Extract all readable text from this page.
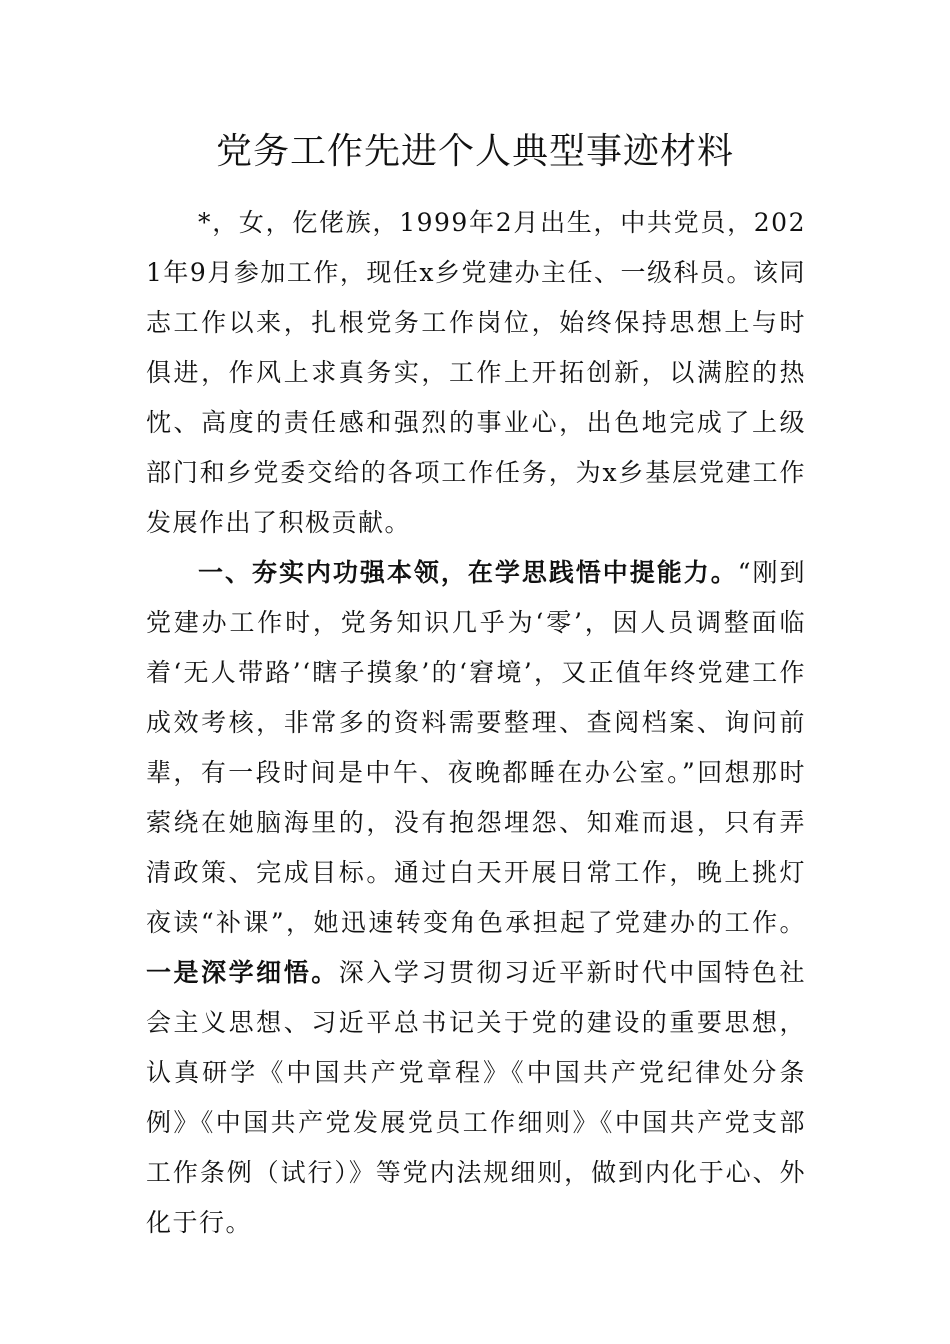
党务工作先进个人典型事迹材料

*，女，仡佬族，1999年2月出生，中共党员，2021年9月参加工作，现任x乡党建办主任、一级科员。该同志工作以来，扎根党务工作岗位，始终保持思想上与时俱进，作风上求真务实，工作上开拓创新，以满腔的热忱、高度的责任感和强烈的事业心，出色地完成了上级部门和乡党委交给的各项工作任务，为x乡基层党建工作发展作出了积极贡献。

一、夯实内功强本领，在学思践悟中提能力。“刚到党建办工作时，党务知识几乎为‘零’，因人员调整面临着‘无人带路’‘瞎子摸象’的‘窘境’，又正值年终党建工作成效考核，非常多的资料需要整理、查阅档案、询问前辈，有一段时间是中午、夜晚都睡在办公室。”回想那时萦绕在她脑海里的，没有抱怨埋怨、知难而退，只有弄清政策、完成目标。通过白天开展日常工作，晚上挑灯夜读“补课”，她迅速转变角色承担起了党建办的工作。一是深学细悟。深入学习贯彻习近平新时代中国特色社会主义思想、习近平总书记关于党的建设的重要思想，认真研学《中国共产党章程》《中国共产党纪律处分条例》《中国共产党发展党员工作细则》《中国共产党支部工作条例（试行）》等党内法规细则，做到内化于心、外化于行。
